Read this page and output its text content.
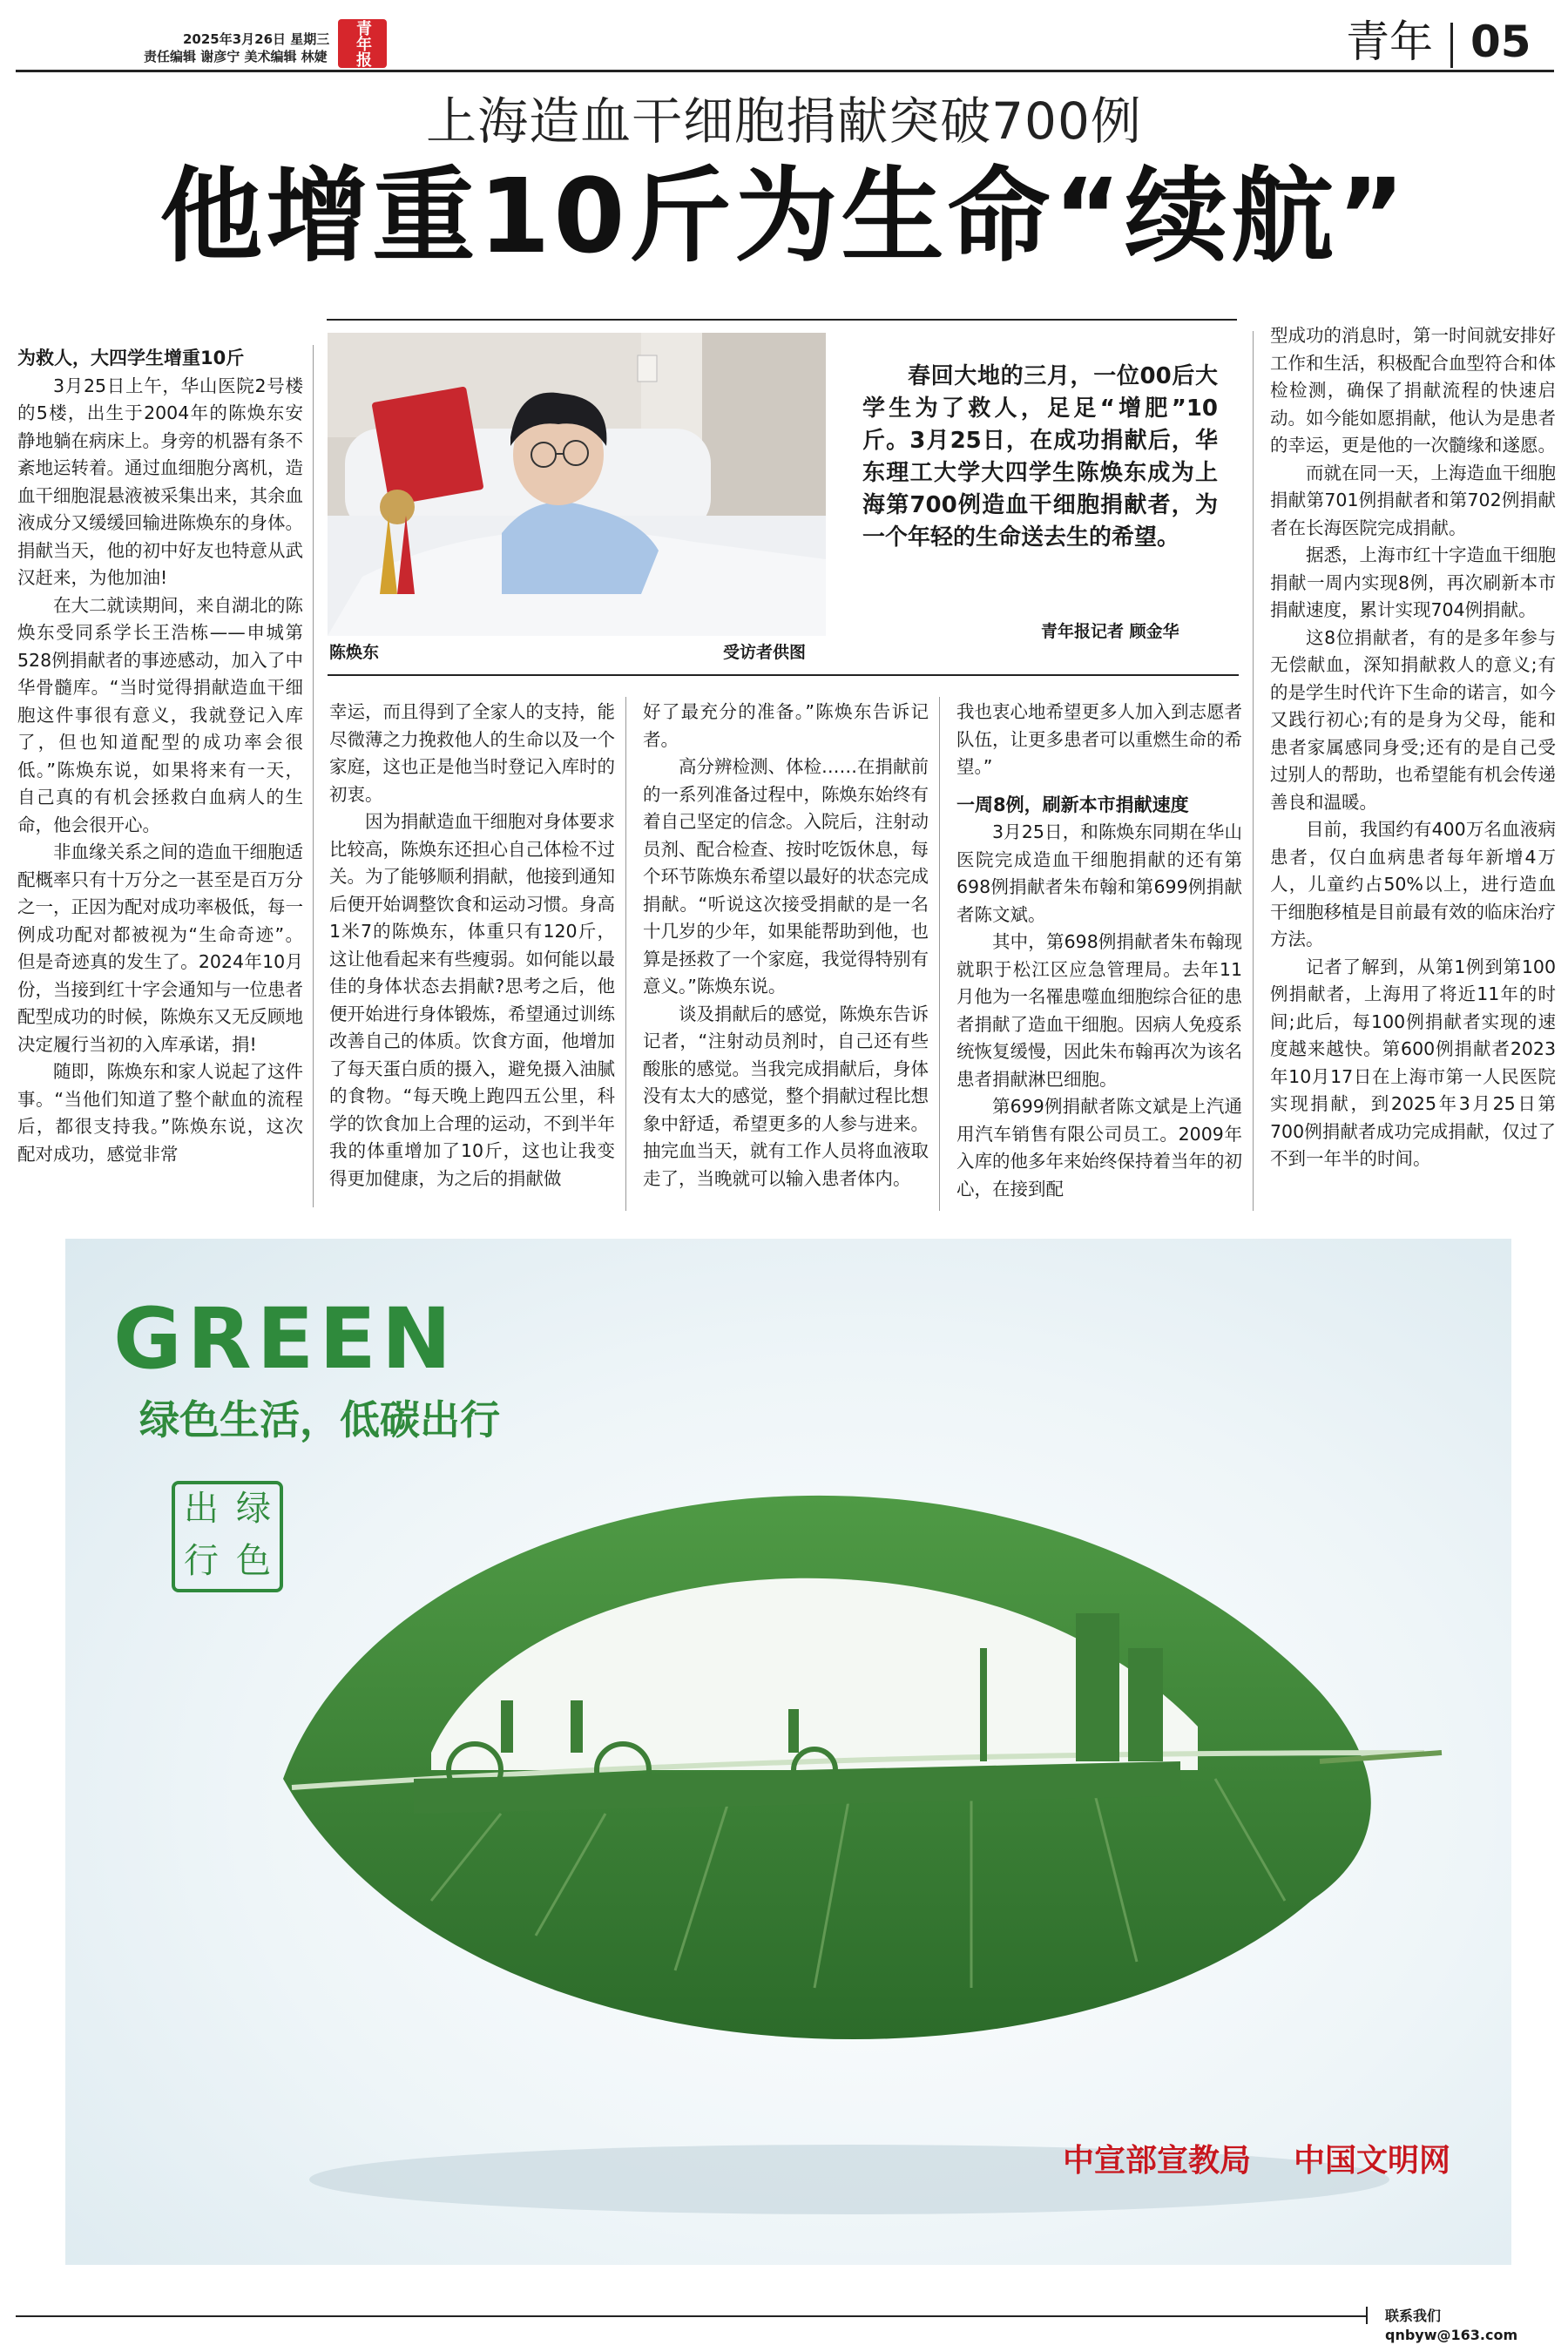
2025年3月26日 星期三
责任编辑 谢彦宁 美术编辑 林婕 青年报	青年 05
上海造血干细胞捐献突破700例
他增重10斤为生命“续航”

为救人，大四学生增重10斤

3月25日上午，华山医院2号楼的5楼，出生于2004年的陈焕东安静地躺在病床上。身旁的机器有条不紊地运转着。通过血细胞分离机，造血干细胞混悬液被采集出来，其余血液成分又缓缓回输进陈焕东的身体。捐献当天，他的初中好友也特意从武汉赶来，为他加油!

在大二就读期间，来自湖北的陈焕东受同系学长王浩栋——申城第528例捐献者的事迹感动，加入了中华骨髓库。“当时觉得捐献造血干细胞这件事很有意义，我就登记入库了，但也知道配型的成功率会很低。”陈焕东说，如果将来有一天，自己真的有机会拯救白血病人的生命，他会很开心。

非血缘关系之间的造血干细胞适配概率只有十万分之一甚至是百万分之一，正因为配对成功率极低，每一例成功配对都被视为“生命奇迹”。但是奇迹真的发生了。2024年10月份，当接到红十字会通知与一位患者配型成功的时候，陈焕东又无反顾地决定履行当初的入库承诺，捐!

随即，陈焕东和家人说起了这件事。“当他们知道了整个献血的流程后，都很支持我。”陈焕东说，这次配对成功，感觉非常

陈焕东	受访者供图
春回大地的三月，一位00后大学生为了救人，足足“增肥”10斤。3月25日，在成功捐献后，华东理工大学大四学生陈焕东成为上海第700例造血干细胞捐献者，为一个年轻的生命送去生的希望。
青年报记者 顾金华

幸运，而且得到了全家人的支持，能尽微薄之力挽救他人的生命以及一个家庭，这也正是他当时登记入库时的初衷。

因为捐献造血干细胞对身体要求比较高，陈焕东还担心自己体检不过关。为了能够顺利捐献，他接到通知后便开始调整饮食和运动习惯。身高1米7的陈焕东，体重只有120斤，这让他看起来有些瘦弱。如何能以最佳的身体状态去捐献?思考之后，他便开始进行身体锻炼，希望通过训练改善自己的体质。饮食方面，他增加了每天蛋白质的摄入，避免摄入油腻的食物。“每天晚上跑四五公里，科学的饮食加上合理的运动，不到半年我的体重增加了10斤，这也让我变得更加健康，为之后的捐献做

好了最充分的准备。”陈焕东告诉记者。

高分辨检测、体检……在捐献前的一系列准备过程中，陈焕东始终有着自己坚定的信念。入院后，注射动员剂、配合检查、按时吃饭休息，每个环节陈焕东希望以最好的状态完成捐献。“听说这次接受捐献的是一名十几岁的少年，如果能帮助到他，也算是拯救了一个家庭，我觉得特别有意义。”陈焕东说。

谈及捐献后的感觉，陈焕东告诉记者，“注射动员剂时，自己还有些酸胀的感觉。当我完成捐献后，身体没有太大的感觉，整个捐献过程比想象中舒适，希望更多的人参与进来。抽完血当天，就有工作人员将血液取走了，当晚就可以输入患者体内。

我也衷心地希望更多人加入到志愿者队伍，让更多患者可以重燃生命的希望。”

一周8例，刷新本市捐献速度

3月25日，和陈焕东同期在华山医院完成造血干细胞捐献的还有第698例捐献者朱布翰和第699例捐献者陈文斌。

其中，第698例捐献者朱布翰现就职于松江区应急管理局。去年11月他为一名罹患噬血细胞综合征的患者捐献了造血干细胞。因病人免疫系统恢复缓慢，因此朱布翰再次为该名患者捐献淋巴细胞。

第699例捐献者陈文斌是上汽通用汽车销售有限公司员工。2009年入库的他多年来始终保持着当年的初心，在接到配

型成功的消息时，第一时间就安排好工作和生活，积极配合血型符合和体检检测，确保了捐献流程的快速启动。如今能如愿捐献，他认为是患者的幸运，更是他的一次髓缘和遂愿。

而就在同一天，上海造血干细胞捐献第701例捐献者和第702例捐献者在长海医院完成捐献。

据悉，上海市红十字造血干细胞捐献一周内实现8例，再次刷新本市捐献速度，累计实现704例捐献。

这8位捐献者，有的是多年参与无偿献血，深知捐献救人的意义;有的是学生时代许下生命的诺言，如今又践行初心;有的是身为父母，能和患者家属感同身受;还有的是自己受过别人的帮助，也希望能有机会传递善良和温暖。

目前，我国约有400万名血液病患者，仅白血病患者每年新增4万人，儿童约占50%以上，进行造血干细胞移植是目前最有效的临床治疗方法。

记者了解到，从第1例到第100例捐献者，上海用了将近11年的时间;此后，每100例捐献者实现的速度越来越快。第600例捐献者2023年10月17日在上海市第一人民医院实现捐献，到2025年3月25日第700例捐献者成功完成捐献，仅过了不到一年半的时间。

GREEN
绿色生活，低碳出行
出 绿
行 色
中宣部宣教局 中国文明网
联系我们 qnbyw@163.com
